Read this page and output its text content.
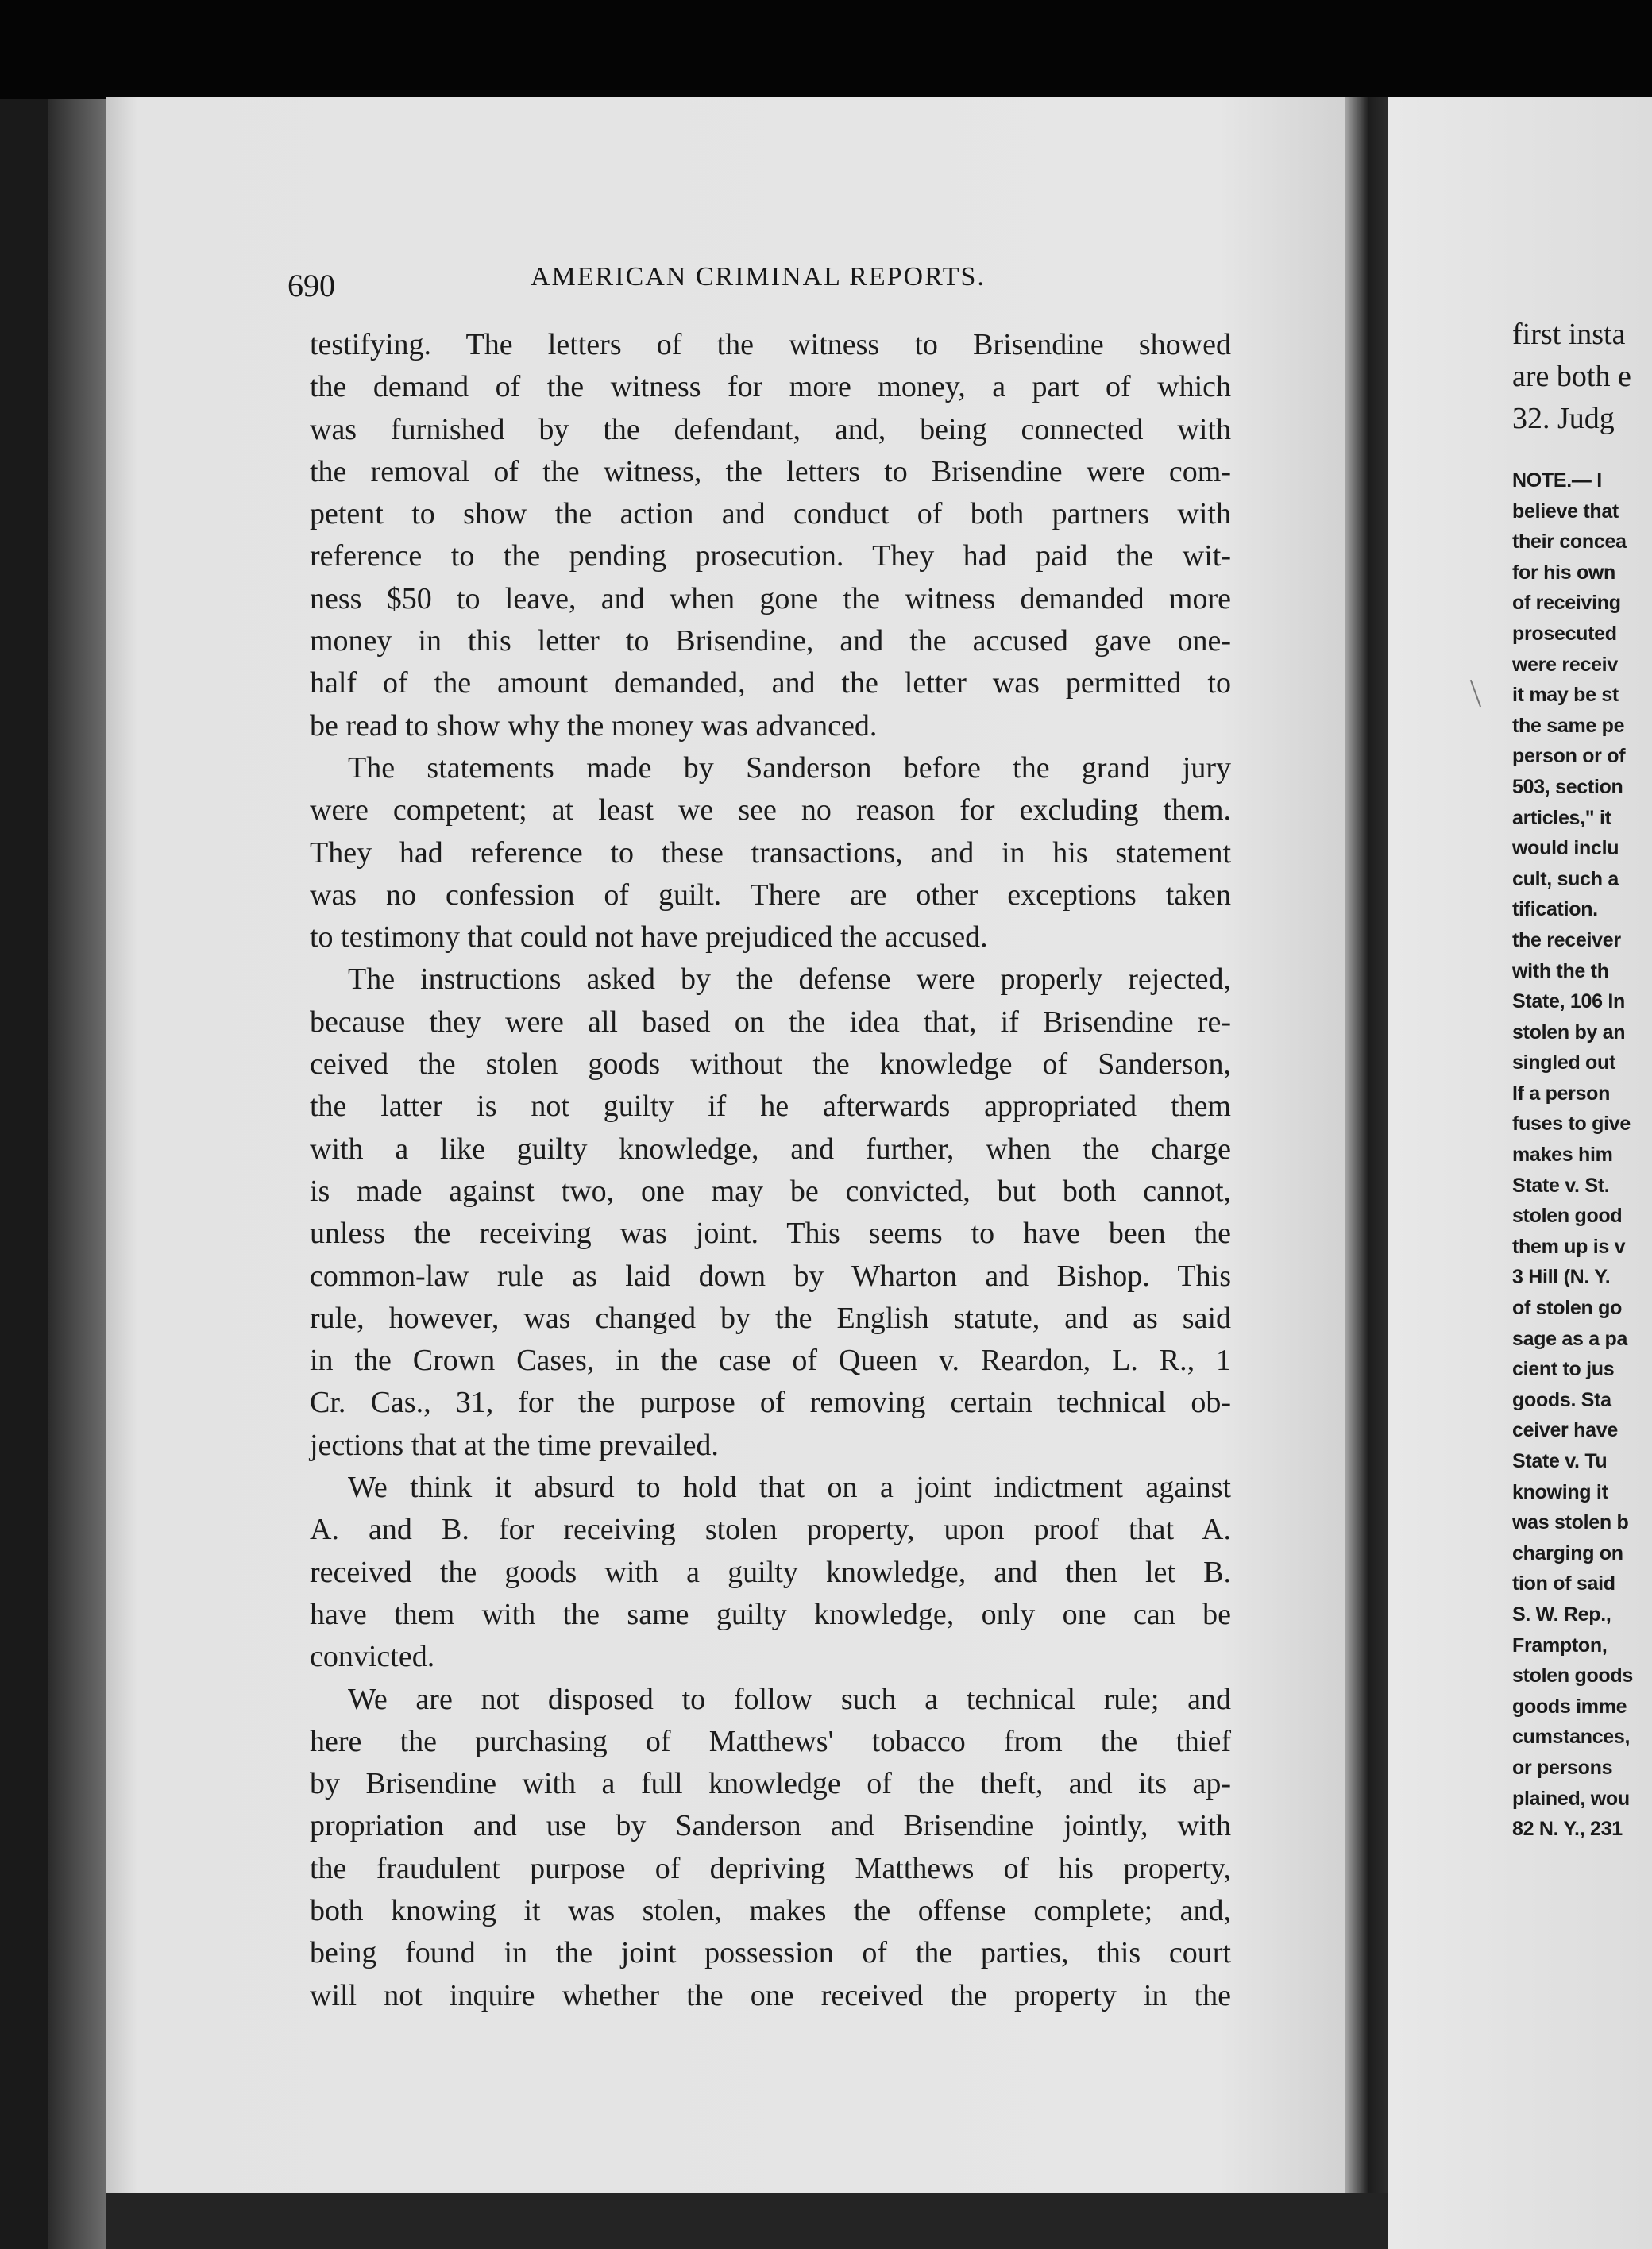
690	AMERICAN CRIMINAL REPORTS.
testifying. The letters of the witness to Brisendine showed
the demand of the witness for more money, a part of which
was furnished by the defendant, and, being connected with
the removal of the witness, the letters to Brisendine were com-
petent to show the action and conduct of both partners with
reference to the pending prosecution. They had paid the wit-
ness $50 to leave, and when gone the witness demanded more
money in this letter to Brisendine, and the accused gave one-
half of the amount demanded, and the letter was permitted to
be read to show why the money was advanced.
The statements made by Sanderson before the grand jury
were competent; at least we see no reason for excluding them.
They had reference to these transactions, and in his statement
was no confession of guilt. There are other exceptions taken
to testimony that could not have prejudiced the accused.
The instructions asked by the defense were properly rejected,
because they were all based on the idea that, if Brisendine re-
ceived the stolen goods without the knowledge of Sanderson,
the latter is not guilty if he afterwards appropriated them
with a like guilty knowledge, and further, when the charge
is made against two, one may be convicted, but both cannot,
unless the receiving was joint. This seems to have been the
common-law rule as laid down by Wharton and Bishop. This
rule, however, was changed by the English statute, and as said
in the Crown Cases, in the case of Queen v. Reardon, L. R., 1
Cr. Cas., 31, for the purpose of removing certain technical ob-
jections that at the time prevailed.
We think it absurd to hold that on a joint indictment against
A. and B. for receiving stolen property, upon proof that A.
received the goods with a guilty knowledge, and then let B.
have them with the same guilty knowledge, only one can be
convicted.
We are not disposed to follow such a technical rule; and
here the purchasing of Matthews' tobacco from the thief
by Brisendine with a full knowledge of the theft, and its ap-
propriation and use by Sanderson and Brisendine jointly, with
the fraudulent purpose of depriving Matthews of his property,
both knowing it was stolen, makes the offense complete; and,
being found in the joint possession of the parties, this court
will not inquire whether the one received the property in the
first insta
are both e
32. Judg
NOTE.— I
believe that
their concea
for his own
of receiving
prosecuted
were receiv
it may be st
the same pe
person or of
503, section
articles," it
would inclu
cult, such a
tification.
the receiver
with the th
State, 106 In
stolen by an
singled out
If a person
fuses to give
makes him
State v. St.
stolen good
them up is v
3 Hill (N. Y.
of stolen go
sage as a pa
cient to jus
goods. Sta
ceiver have
State v. Tu
knowing it
was stolen b
charging on
tion of said
S. W. Rep.,
Frampton,
stolen goods
goods imme
cumstances,
or persons
plained, wou
82 N. Y., 231
